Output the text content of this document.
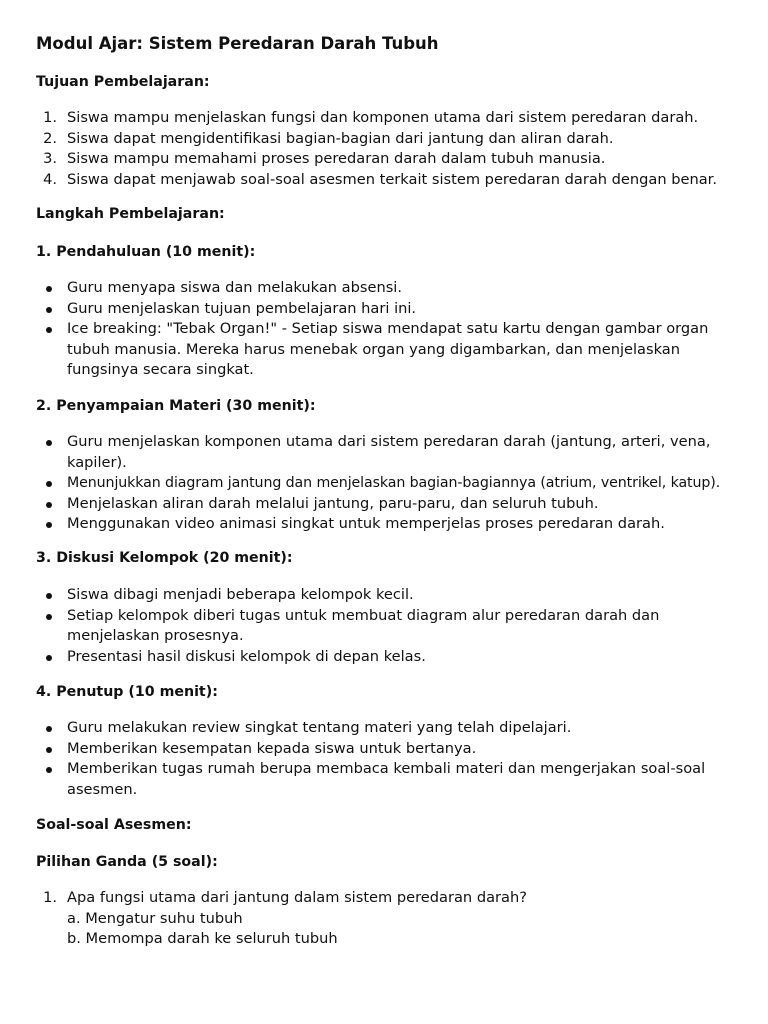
Modul Ajar: Sistem Peredaran Darah Tubuh
Tujuan Pembelajaran:
1. Siswa mampu menjelaskan fungsi dan komponen utama dari sistem peredaran darah.
2. Siswa dapat mengidentifikasi bagian-bagian dari jantung dan aliran darah.
3. Siswa mampu memahami proses peredaran darah dalam tubuh manusia.
4. Siswa dapat menjawab soal-soal asesmen terkait sistem peredaran darah dengan benar.
Langkah Pembelajaran:
1. Pendahuluan (10 menit):
Guru menyapa siswa dan melakukan absensi.
Guru menjelaskan tujuan pembelajaran hari ini.
Ice breaking: "Tebak Organ!" - Setiap siswa mendapat satu kartu dengan gambar organ tubuh manusia. Mereka harus menebak organ yang digambarkan, dan menjelaskan fungsinya secara singkat.
2. Penyampaian Materi (30 menit):
Guru menjelaskan komponen utama dari sistem peredaran darah (jantung, arteri, vena, kapiler).
Menunjukkan diagram jantung dan menjelaskan bagian-bagiannya (atrium, ventrikel, katup).
Menjelaskan aliran darah melalui jantung, paru-paru, dan seluruh tubuh.
Menggunakan video animasi singkat untuk memperjelas proses peredaran darah.
3. Diskusi Kelompok (20 menit):
Siswa dibagi menjadi beberapa kelompok kecil.
Setiap kelompok diberi tugas untuk membuat diagram alur peredaran darah dan menjelaskan prosesnya.
Presentasi hasil diskusi kelompok di depan kelas.
4. Penutup (10 menit):
Guru melakukan review singkat tentang materi yang telah dipelajari.
Memberikan kesempatan kepada siswa untuk bertanya.
Memberikan tugas rumah berupa membaca kembali materi dan mengerjakan soal-soal asesmen.
Soal-soal Asesmen:
Pilihan Ganda (5 soal):
1. Apa fungsi utama dari jantung dalam sistem peredaran darah?
a. Mengatur suhu tubuh
b. Memompa darah ke seluruh tubuh
